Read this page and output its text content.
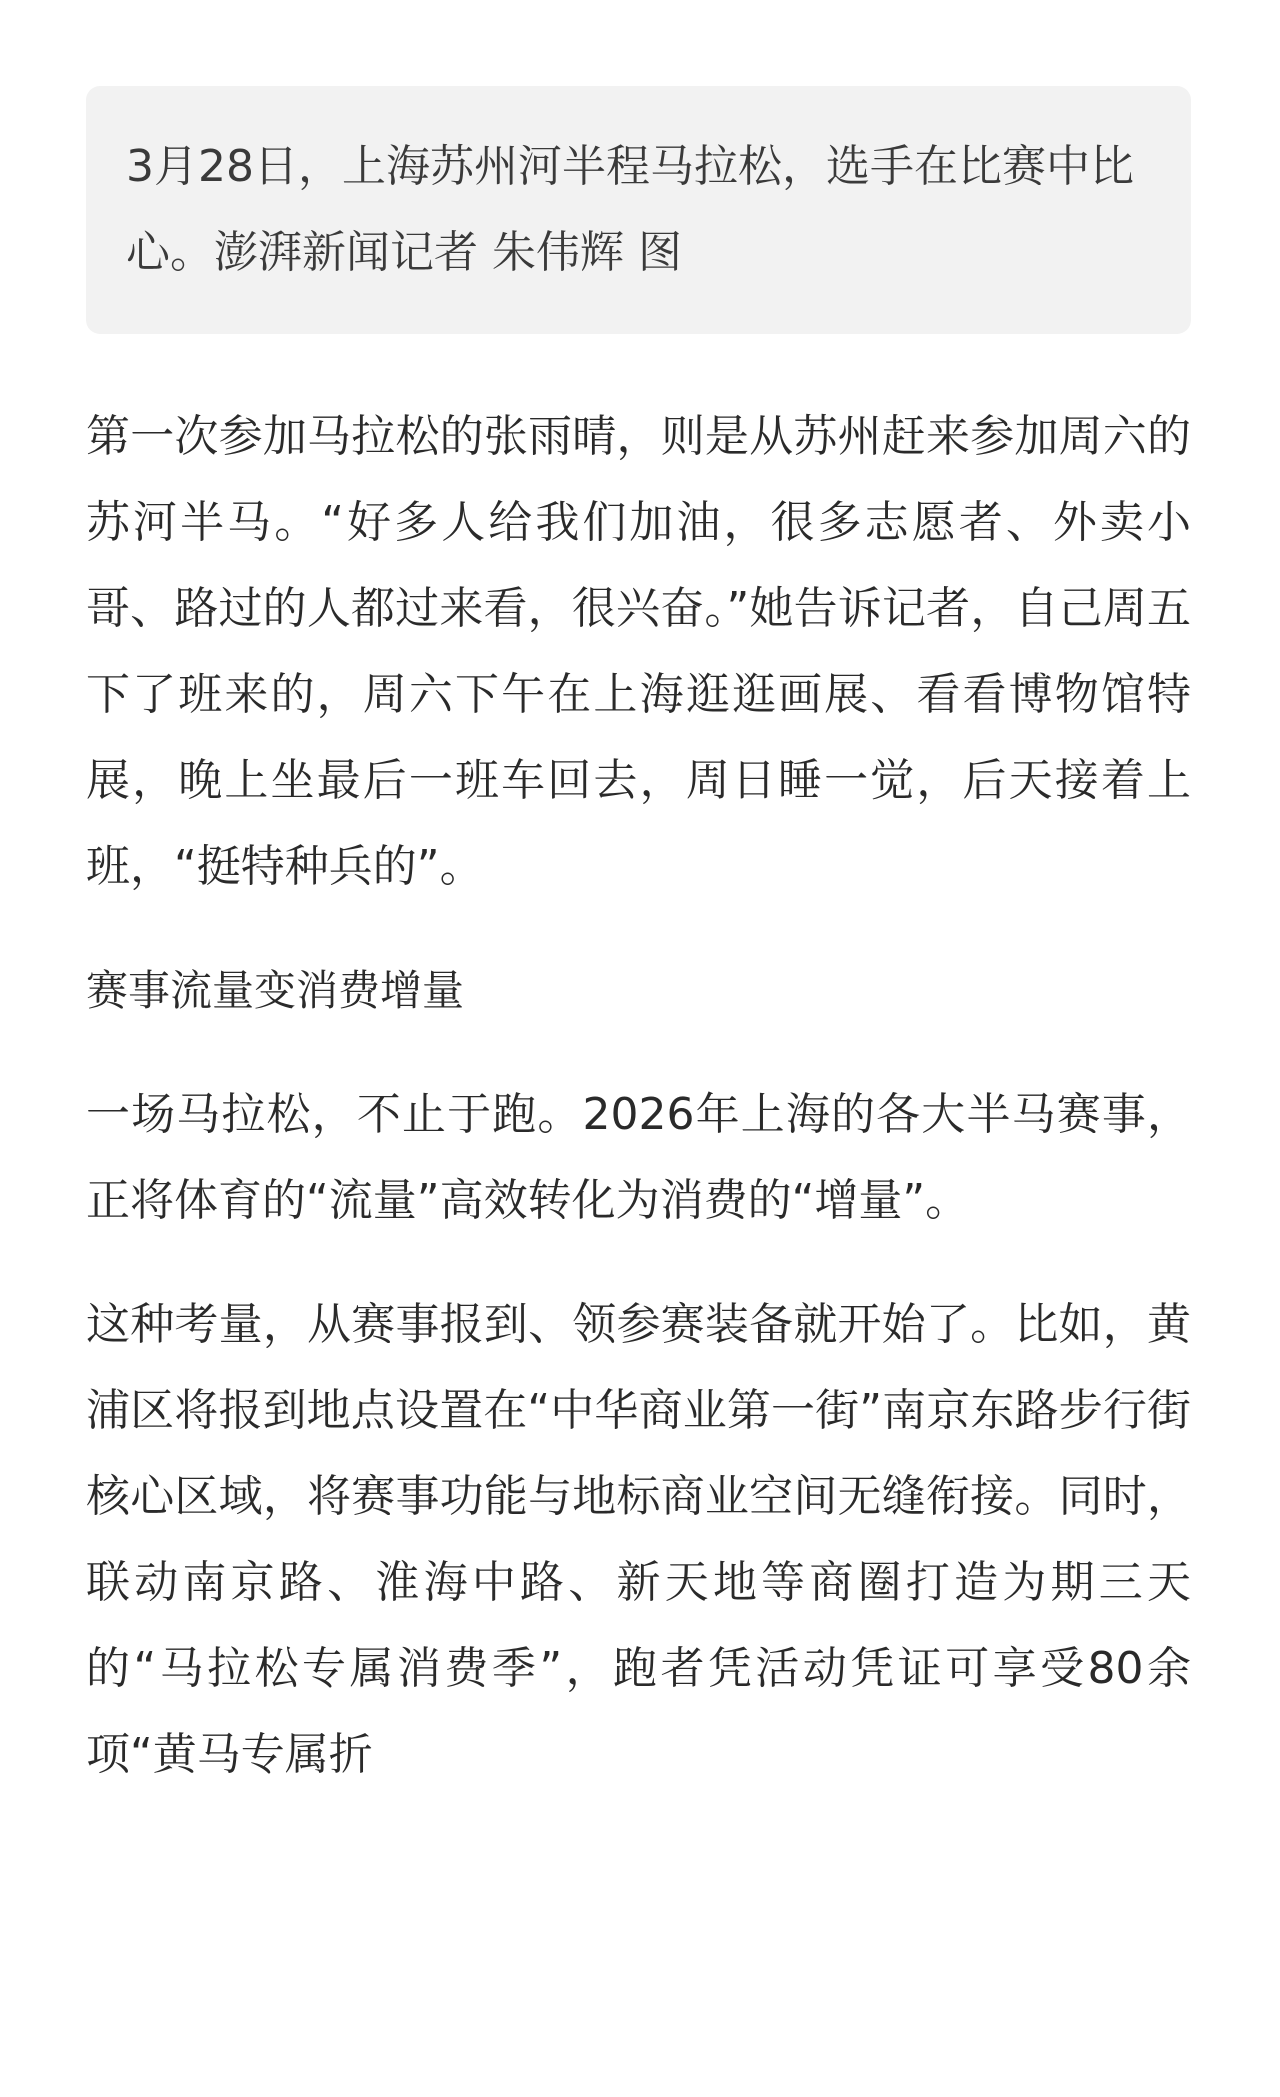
3月28日，上海苏州河半程马拉松，选手在比赛中比心。澎湃新闻记者 朱伟辉 图

第一次参加马拉松的张雨晴，则是从苏州赶来参加周六的苏河半马。“好多人给我们加油，很多志愿者、外卖小哥、路过的人都过来看，很兴奋。”她告诉记者，自己周五下了班来的，周六下午在上海逛逛画展、看看博物馆特展，晚上坐最后一班车回去，周日睡一觉，后天接着上班，“挺特种兵的”。

赛事流量变消费增量

一场马拉松，不止于跑。2026年上海的各大半马赛事，正将体育的“流量”高效转化为消费的“增量”。

这种考量，从赛事报到、领参赛装备就开始了。比如，黄浦区将报到地点设置在“中华商业第一街”南京东路步行街核心区域，将赛事功能与地标商业空间无缝衔接。同时，联动南京路、淮海中路、新天地等商圈打造为期三天的“马拉松专属消费季”，跑者凭活动凭证可享受80余项“黄马专属折
